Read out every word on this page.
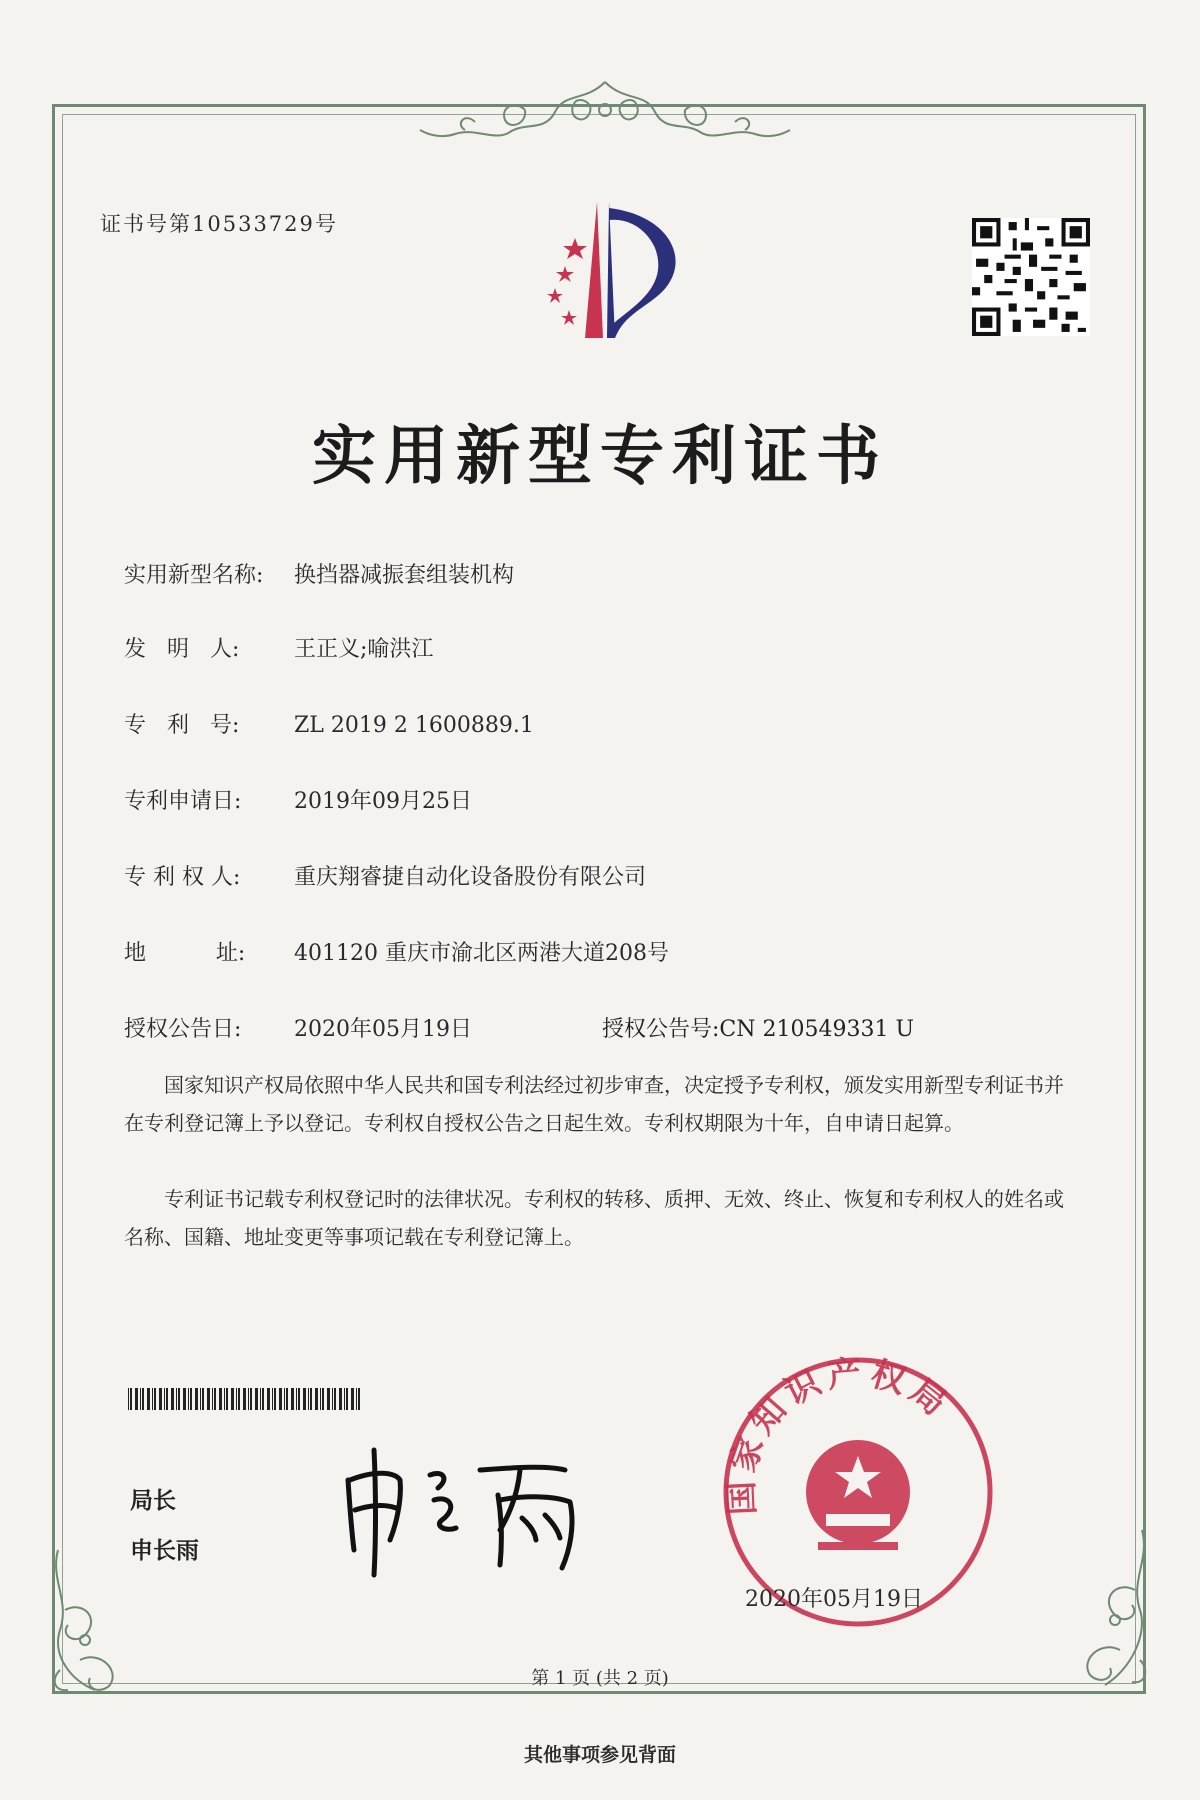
证书号第10533729号
实用新型专利证书
实用新型名称: 换挡器减振套组装机构
发   明   人: 王正义;喻洪江
专   利   号: ZL 2019 2 1600889.1
专利申请日: 2019年09月25日
专 利 权 人: 重庆翔睿捷自动化设备股份有限公司
地          址: 401120 重庆市渝北区两港大道208号
授权公告日: 2020年05月19日	授权公告号:CN 210549331 U

国家知识产权局依照中华人民共和国专利法经过初步审查，决定授予专利权，颁发实用新型专利证书并在专利登记簿上予以登记。专利权自授权公告之日起生效。专利权期限为十年，自申请日起算。

专利证书记载专利权登记时的法律状况。专利权的转移、质押、无效、终止、恢复和专利权人的姓名或名称、国籍、地址变更等事项记载在专利登记簿上。

局长
申长雨
国家知识产权局
2020年05月19日
第 1 页 (共 2 页)
其他事项参见背面
